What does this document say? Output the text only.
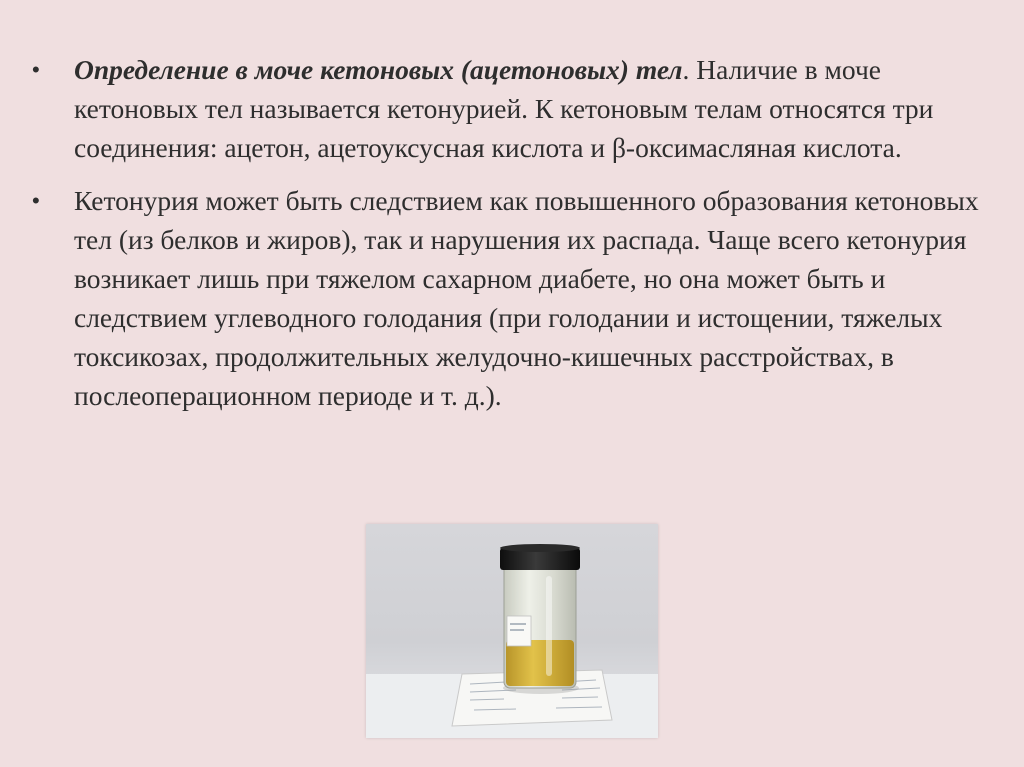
• Определение в моче кетоновых (ацетоновых) тел. Наличие в моче кетоновых тел называется кетонурией. К кетоновым телам относятся три соединения: ацетон, ацетоуксусная кислота и β-оксимасляная кислота.
• Кетонурия может быть следствием как повышенного образования кетоновых тел (из белков и жиров), так и нарушения их распада. Чаще всего кетонурия возникает лишь при тяжелом сахарном диабете, но она может быть и следствием углеводного голодания (при голодании и истощении, тяжелых токсикозах, продолжительных желудочно-кишечных расстройствах, в послеоперационном периоде и т. д.).
